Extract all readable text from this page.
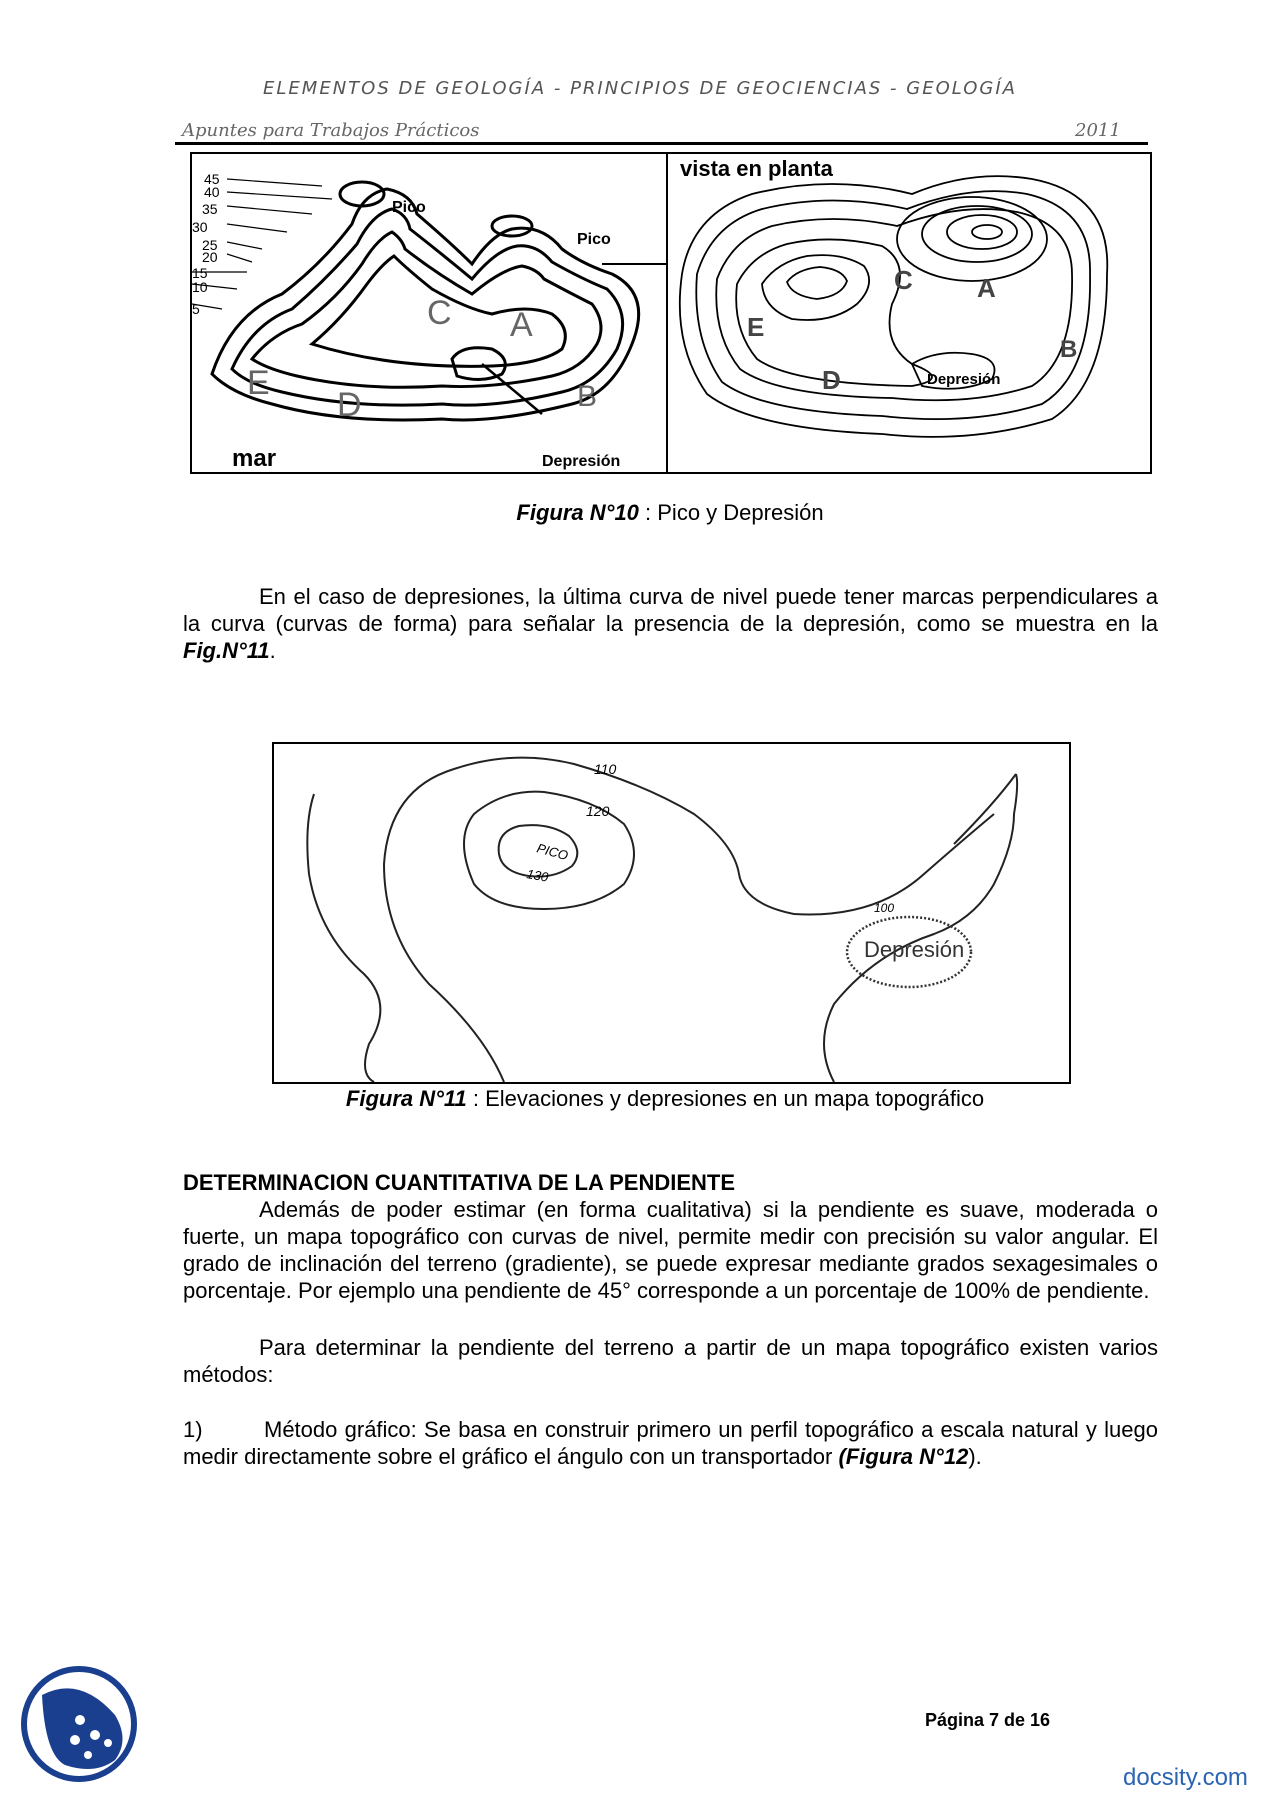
ELEMENTOS DE GEOLOGÍA - PRINCIPIOS DE GEOCIENCIAS - GEOLOGÍA
Apuntes para Trabajos Prácticos	2011
45
40
35
30
25
20
15
10
5
Pico
Pico
C A
B
D
E
mar	Depresión
vista en planta
C A
B
D
E
Depresión
Figura N°10 : Pico y Depresión
En el caso de depresiones, la última curva de nivel puede tener marcas perpendiculares a la curva (curvas de forma) para señalar la presencia de la depresión, como se muestra en la Fig.N°11.
110
120
PICO
130
100
Depresión
Figura N°11 : Elevaciones y depresiones en un mapa topográfico
DETERMINACION CUANTITATIVA DE LA PENDIENTE
Además de poder estimar (en forma cualitativa) si la pendiente es suave, moderada o fuerte, un mapa topográfico con curvas de nivel, permite medir con precisión su valor angular. El grado de inclinación del terreno (gradiente), se puede expresar mediante grados sexagesimales o porcentaje. Por ejemplo una pendiente de 45° corresponde a un porcentaje de 100% de pendiente.
Para determinar la pendiente del terreno a partir de un mapa topográfico existen varios métodos:
1)	Método gráfico: Se basa en construir primero un perfil topográfico a escala natural y luego medir directamente sobre el gráfico el ángulo con un transportador (Figura N°12).
Página 7 de 16
docsity.com
